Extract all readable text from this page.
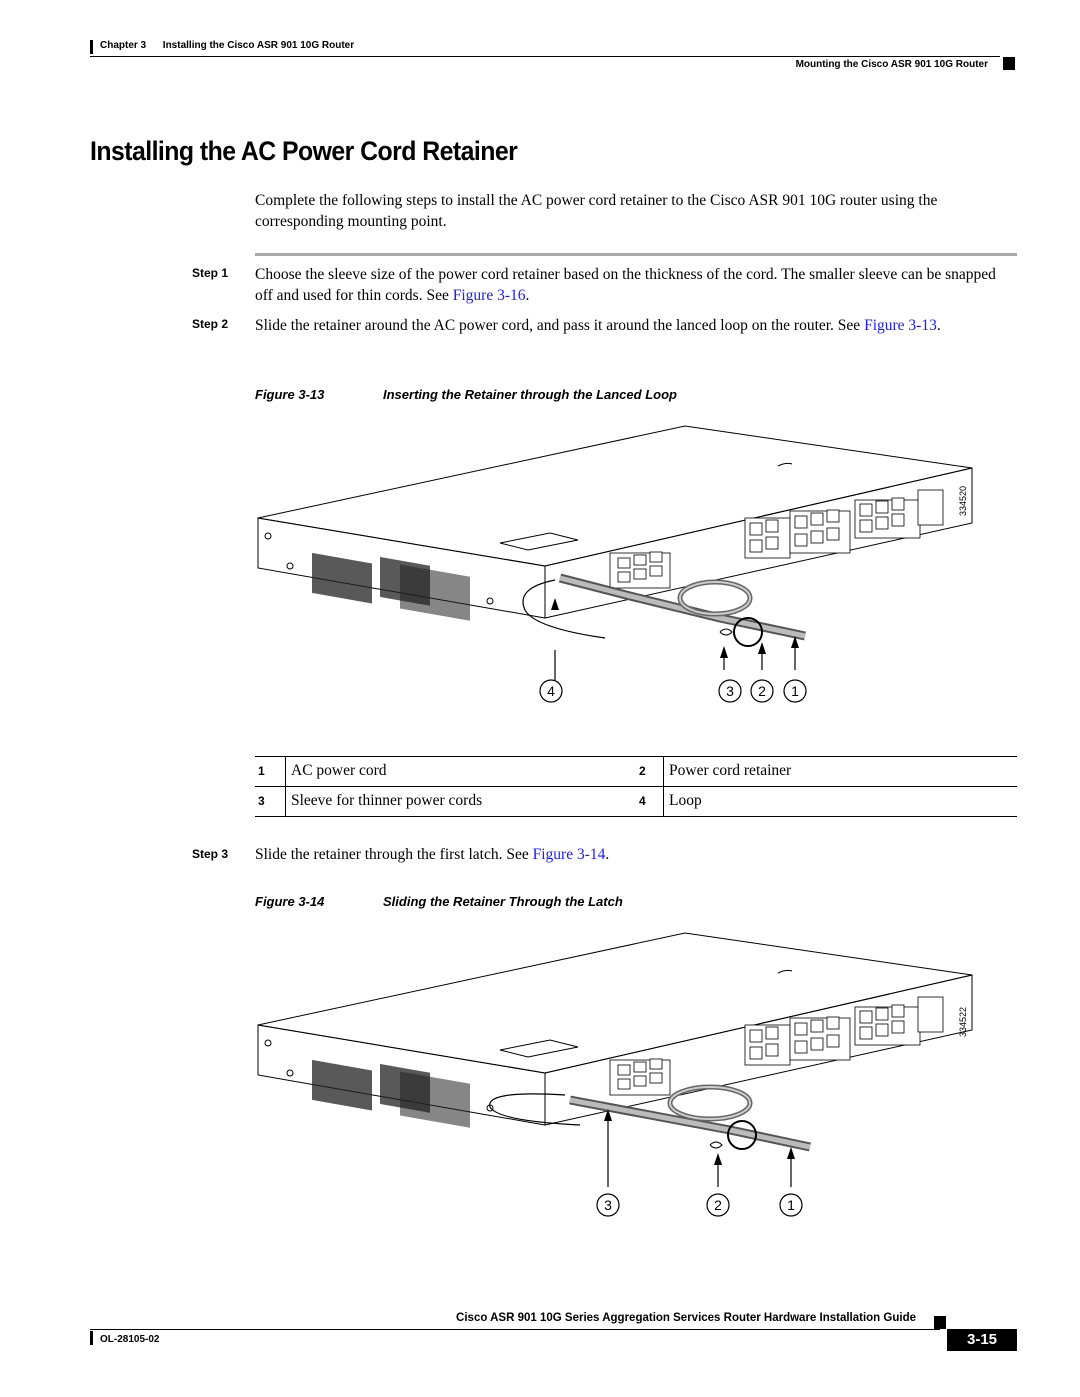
Chapter 3      Installing the Cisco ASR 901 10G Router
Mounting the Cisco ASR 901 10G Router
Installing the AC Power Cord Retainer
Complete the following steps to install the AC power cord retainer to the Cisco ASR 901 10G router using the corresponding mounting point.
Step 1 Choose the sleeve size of the power cord retainer based on the thickness of the cord. The smaller sleeve can be snapped off and used for thin cords. See Figure 3-16.
Step 2 Slide the retainer around the AC power cord, and pass it around the lanced loop on the router. See Figure 3-13.
Figure 3-13	Inserting the Retainer through the Lanced Loop
4	3 2 1
334520
1	AC power cord	2	Power cord retainer
3	Sleeve for thinner power cords	4	Loop
Step 3 Slide the retainer through the first latch. See Figure 3-14.
Figure 3-14	Sliding the Retainer Through the Latch
3	2	1
334522
Cisco ASR 901 10G Series Aggregation Services Router Hardware Installation Guide
OL-28105-02	3-15
